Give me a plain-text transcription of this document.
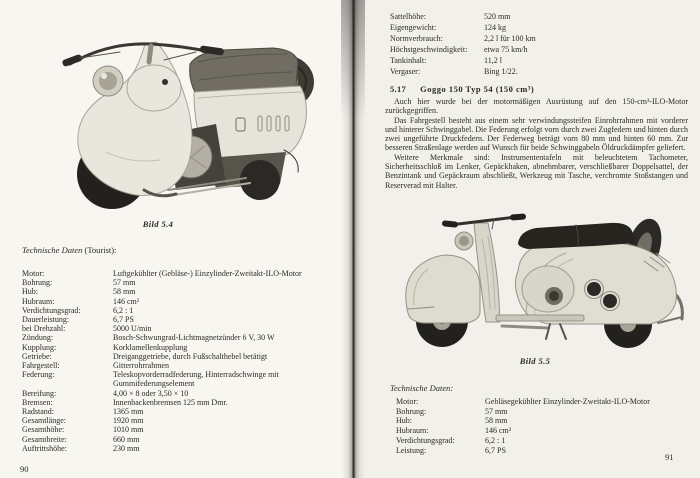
Bild 5.4
Technische Daten (Tourist):
Motor:	Luftgekühlter (Gebläse-) Einzylinder-Zweitakt-ILO-Motor
Bohrung:	57 mm
Hub:	58 mm
Hubraum:	146 cm²
Verdichtungsgrad:	6,2 : 1
Dauerleistung:	6,7 PS
bei Drehzahl:	5000 U/min
Zündung:	Bosch-Schwungrad-Lichtmagnetzünder 6 V, 30 W
Kupplung:	Korklamellenkupplung
Getriebe:	Dreiganggetriebe, durch Fußschalthebel betätigt
Fahrgestell:	Gitterrohrrahmen
Federung:	Teleskopvorderradfederung, Hinterradschwinge mit Gummifederungselement
Bereifung:	4,00 × 8 oder 3,50 × 10
Bremsen:	Innenbackenbremsen 125 mm Dmr.
Radstand:	1365 mm
Gesamtlänge:	1920 mm
Gesamthöhe:	1010 mm
Gesamtbreite:	660 mm
Auftrittshöhe:	230 mm
90
Sattelhöhe:	520 mm
Eigengewicht:	124 kg
Normverbrauch:	2,2 l für 100 km
Höchstgeschwindigkeit:	etwa 75 km/h
Tankinhalt:	11,2 l
Vergaser:	Bing 1/22.
5.17 Goggo 150 Typ 54 (150 cm³)

Auch hier wurde bei der motormäßigen Ausrüstung auf den 150-cm³-ILO-Motor zurückgegriffen.

Das Fahrgestell besteht aus einem sehr verwindungssteifen Einrohrrahmen mit vorderer und hinterer Schwinggabel. Die Federung erfolgt vorn durch zwei Zugfedern und hinten durch zwei ungeführte Druckfedern. Der Federweg beträgt vorn 80 mm und hinten 60 mm. Zur besseren Straßenlage werden auf Wunsch für beide Schwinggabeln Öldruckdämpfer geliefert.

Weitere Merkmale sind: Instrumententafeln mit beleuchtetem Tachometer, Sicherheitsschloß im Lenker, Gepäckhaken, abnehmbarer, verschließbarer Doppelsattel, der Benzintank und Gepäckraum abschließt, Werkzeug mit Tasche, verchromte Stoßstangen und Reserverad mit Halter.

Bild 5.5
Technische Daten:
Motor:	Gebläsegekühlter Einzylinder-Zweitakt-ILO-Motor
Bohrung:	57 mm
Hub:	58 mm
Hubraum:	146 cm²
Verdichtungsgrad:	6,2 : 1
Leistung:	6,7 PS
91
